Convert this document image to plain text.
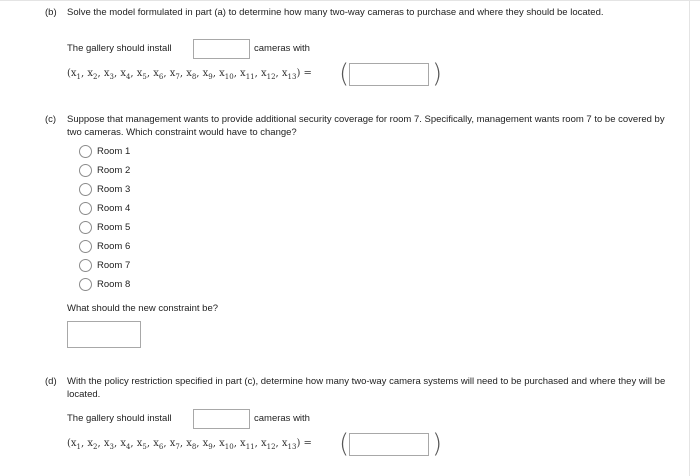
(b) Solve the model formulated in part (a) to determine how many two-way cameras to purchase and where they should be located.
The gallery should install	cameras with
($x_1$, $x_2$, $x_3$, $x_4$, $x_5$, $x_6$, $x_7$, $x_8$, $x_9$, $x_{10}$, $x_{11}$, $x_{12}$, $x_{13}$) = (	)
(c) Suppose that management wants to provide additional security coverage for room 7. Specifically, management wants room 7 to be covered by two cameras. Which constraint would have to change?
Room 1
Room 2
Room 3
Room 4
Room 5
Room 6
Room 7
Room 8
What should the new constraint be?
(d) With the policy restriction specified in part (c), determine how many two-way camera systems will need to be purchased and where they will be located.
The gallery should install	cameras with
($x_1$, $x_2$, $x_3$, $x_4$, $x_5$, $x_6$, $x_7$, $x_8$, $x_9$, $x_{10}$, $x_{11}$, $x_{12}$, $x_{13}$) = (	)
